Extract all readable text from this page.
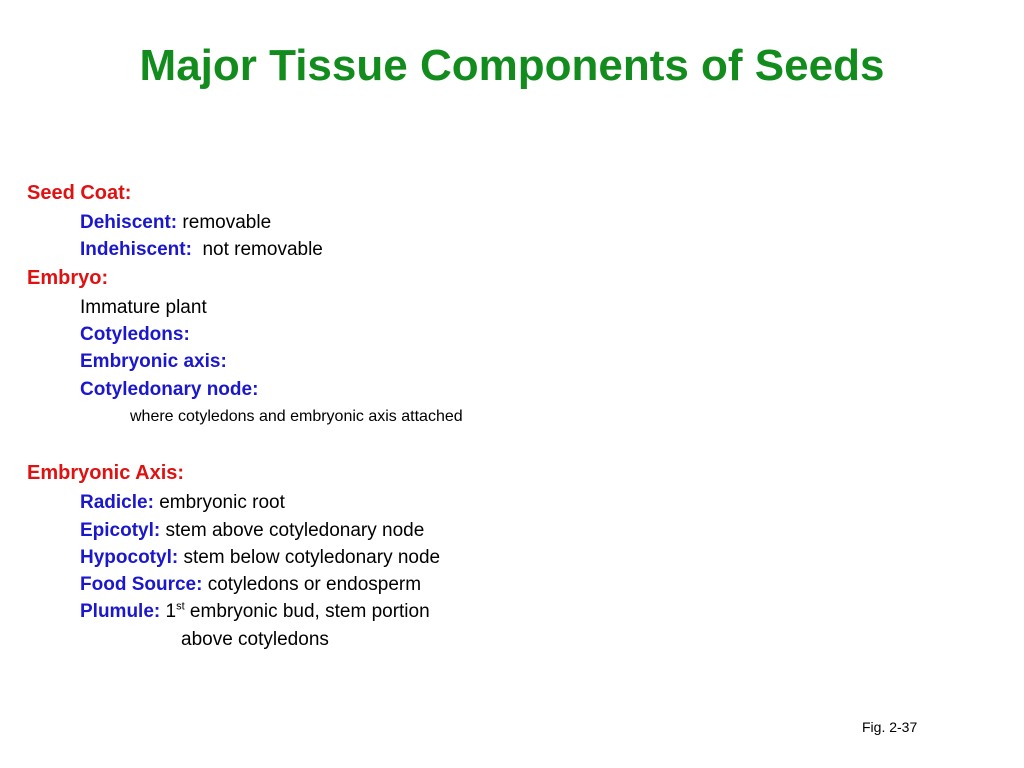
Major Tissue Components of Seeds
Seed Coat:
Dehiscent: removable
Indehiscent:  not removable
Embryo:
Immature plant
Cotyledons:
Embryonic axis:
Cotyledonary node:
where cotyledons and embryonic axis attached
Embryonic Axis:
Radicle: embryonic root
Epicotyl: stem above cotyledonary node
Hypocotyl: stem below cotyledonary node
Food Source: cotyledons or endosperm
Plumule: 1st embryonic bud, stem portion
above cotyledons
Fig. 2-37
